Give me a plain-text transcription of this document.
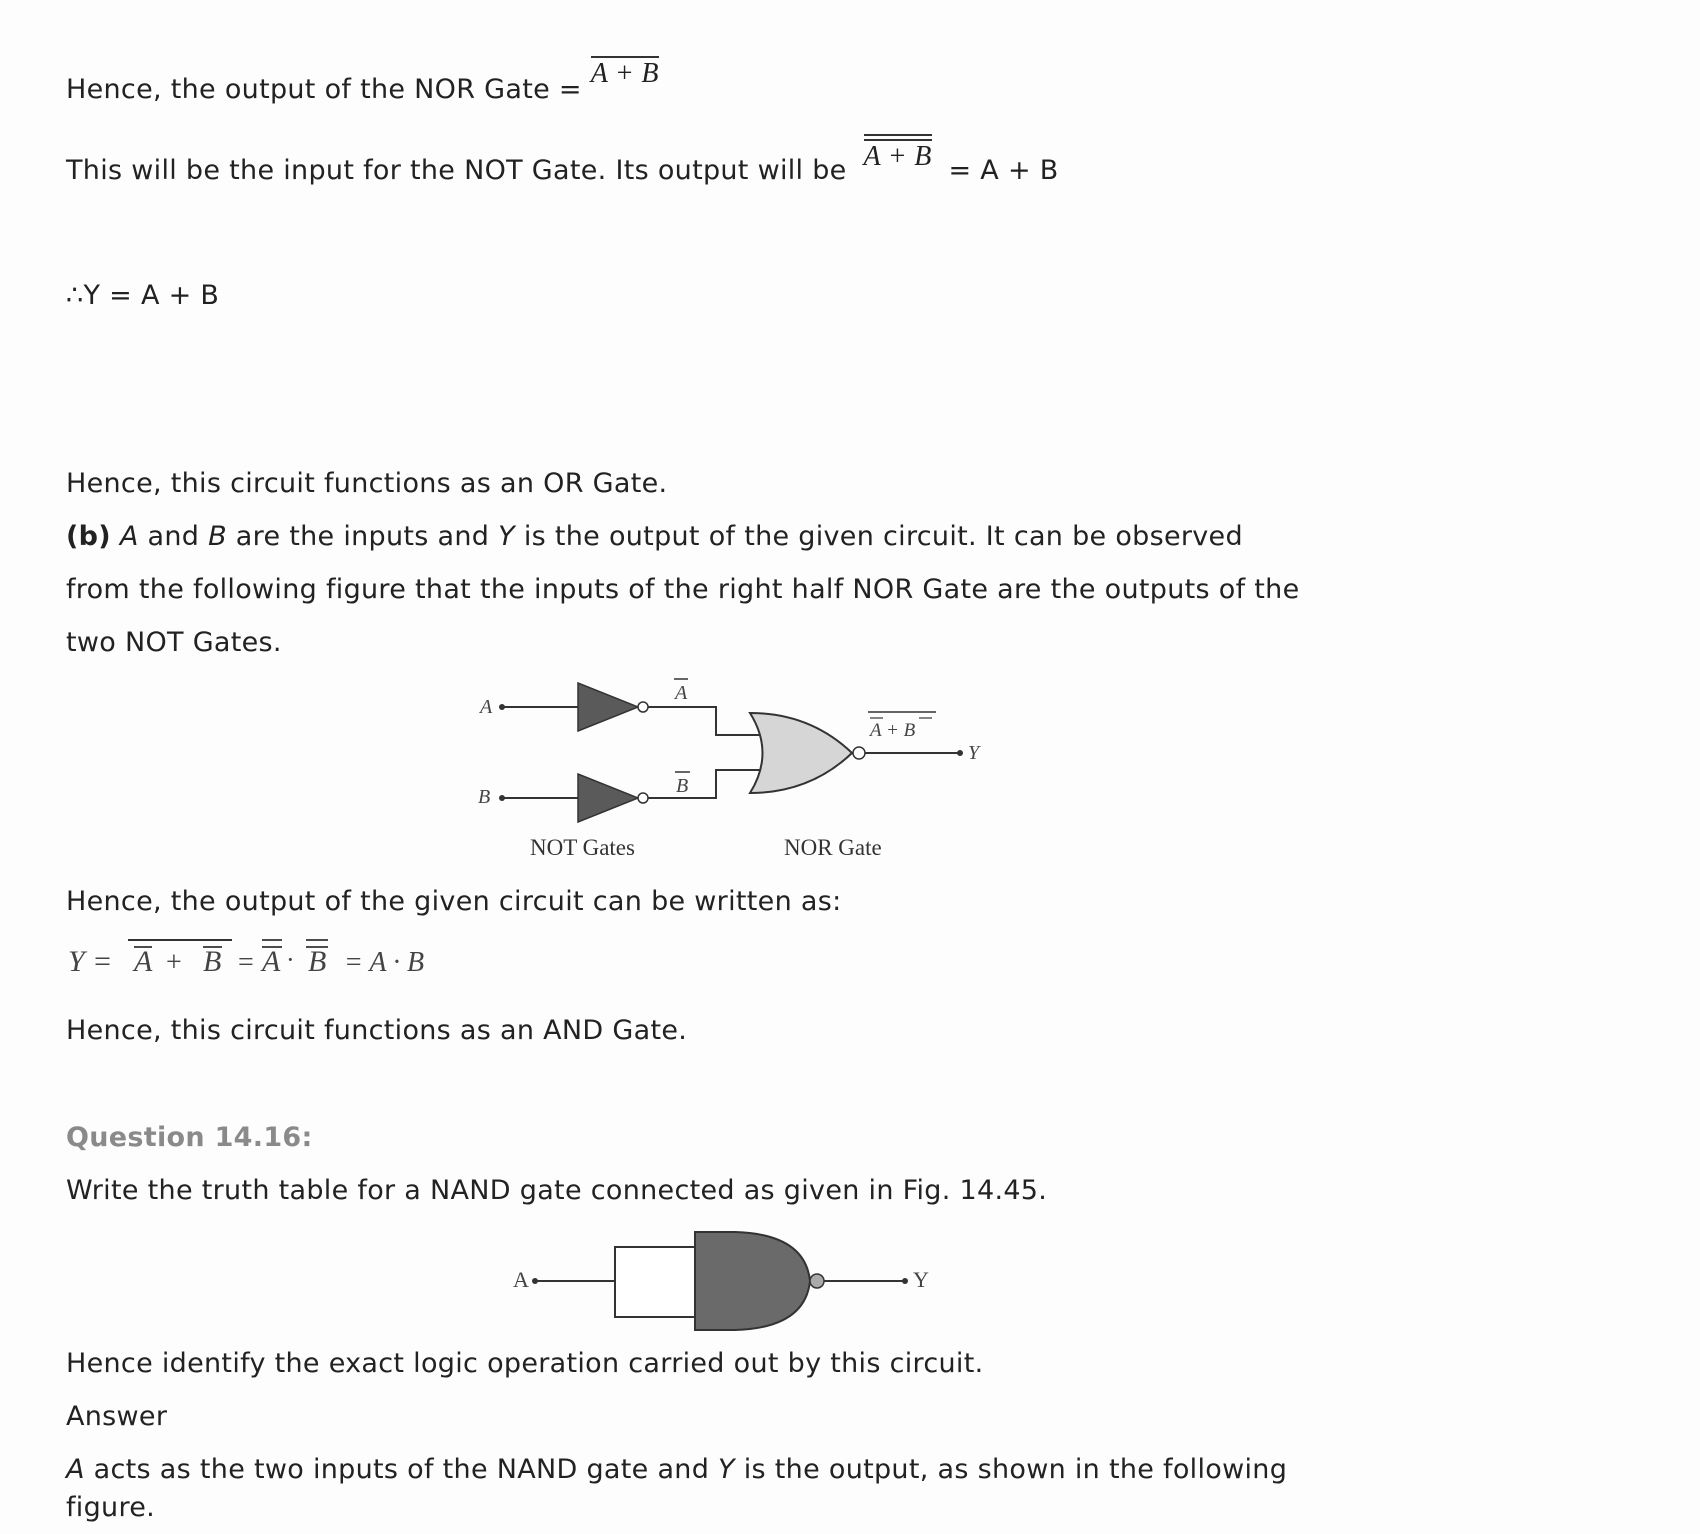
Hence, the output of the NOR Gate = A + B
This will be the input for the NOT Gate. Its output will be A + B = A + B
∴Y = A + B
Hence, this circuit functions as an OR Gate.
(b) A and B are the inputs and Y is the output of the given circuit. It can be observed
from the following figure that the inputs of the right half NOR Gate are the outputs of the
two NOT Gates.
A
A
B	B
Y
A + B
NOT Gates	NOR Gate
Hence, the output of the given circuit can be written as:
Y = A + B = A · B = A · B
Hence, this circuit functions as an AND Gate.
Question 14.16:
Write the truth table for a NAND gate connected as given in Fig. 14.45.
A	Y
Hence identify the exact logic operation carried out by this circuit.
Answer
A acts as the two inputs of the NAND gate and Y is the output, as shown in the following
figure.
